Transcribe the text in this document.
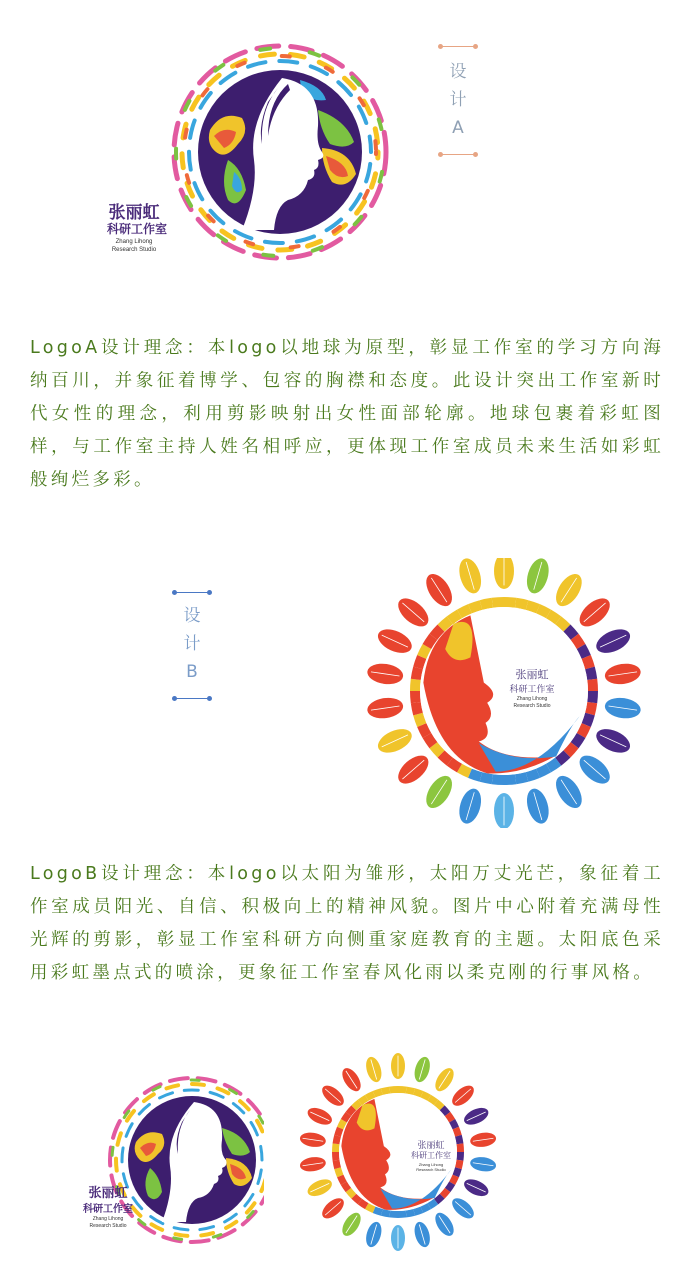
张丽虹
科研工作室
Zhang Lihong
Research Studio
设
计
A
LogoA设计理念：本logo以地球为原型，彰显工作室的学习方向海纳百川，并象征着博学、包容的胸襟和态度。此设计突出工作室新时代女性的理念，利用剪影映射出女性面部轮廓。地球包裹着彩虹图样，与工作室主持人姓名相呼应，更体现工作室成员未来生活如彩虹般绚烂多彩。
设
计
B	张丽虹
科研工作室
Zhang Lihong
Research Studio
LogoB设计理念：本logo以太阳为雏形，太阳万丈光芒，象征着工作室成员阳光、自信、积极向上的精神风貌。图片中心附着充满母性光辉的剪影，彰显工作室科研方向侧重家庭教育的主题。太阳底色采用彩虹墨点式的喷涂，更象征工作室春风化雨以柔克刚的行事风格。
张丽虹
科研工作室
Zhang Lihong
Research Studio
张丽虹
科研工作室
Zhang Lihong
Research Studio
